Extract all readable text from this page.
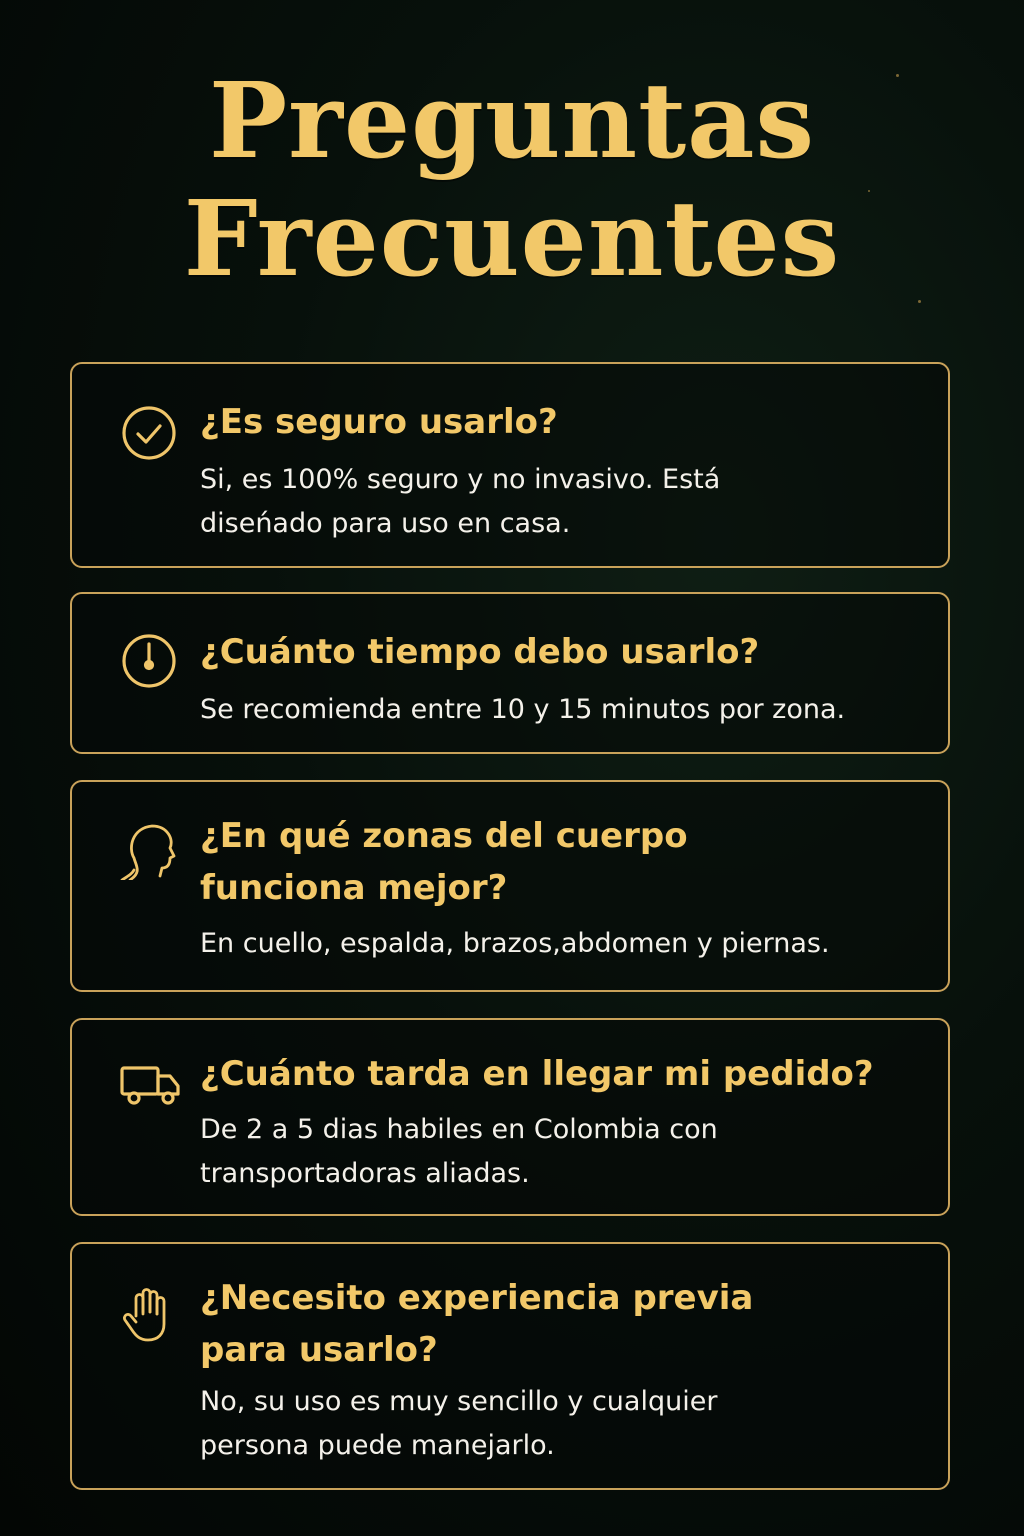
Preguntas
Frecuentes
¿Es seguro usarlo?
Si, es 100% seguro y no invasivo. Está
diseńado para uso en casa.
¿Cuánto tiempo debo usarlo?
Se recomienda entre 10 y 15 minutos por zona.
¿En qué zonas del cuerpo
funciona mejor?
En cuello, espalda, brazos,abdomen y piernas.
¿Cuánto tarda en llegar mi pedido?
De 2 a 5 dias habiles en Colombia con
transportadoras aliadas.
¿Necesito experiencia previa
para usarlo?
No, su uso es muy sencillo y cualquier
persona puede manejarlo.
